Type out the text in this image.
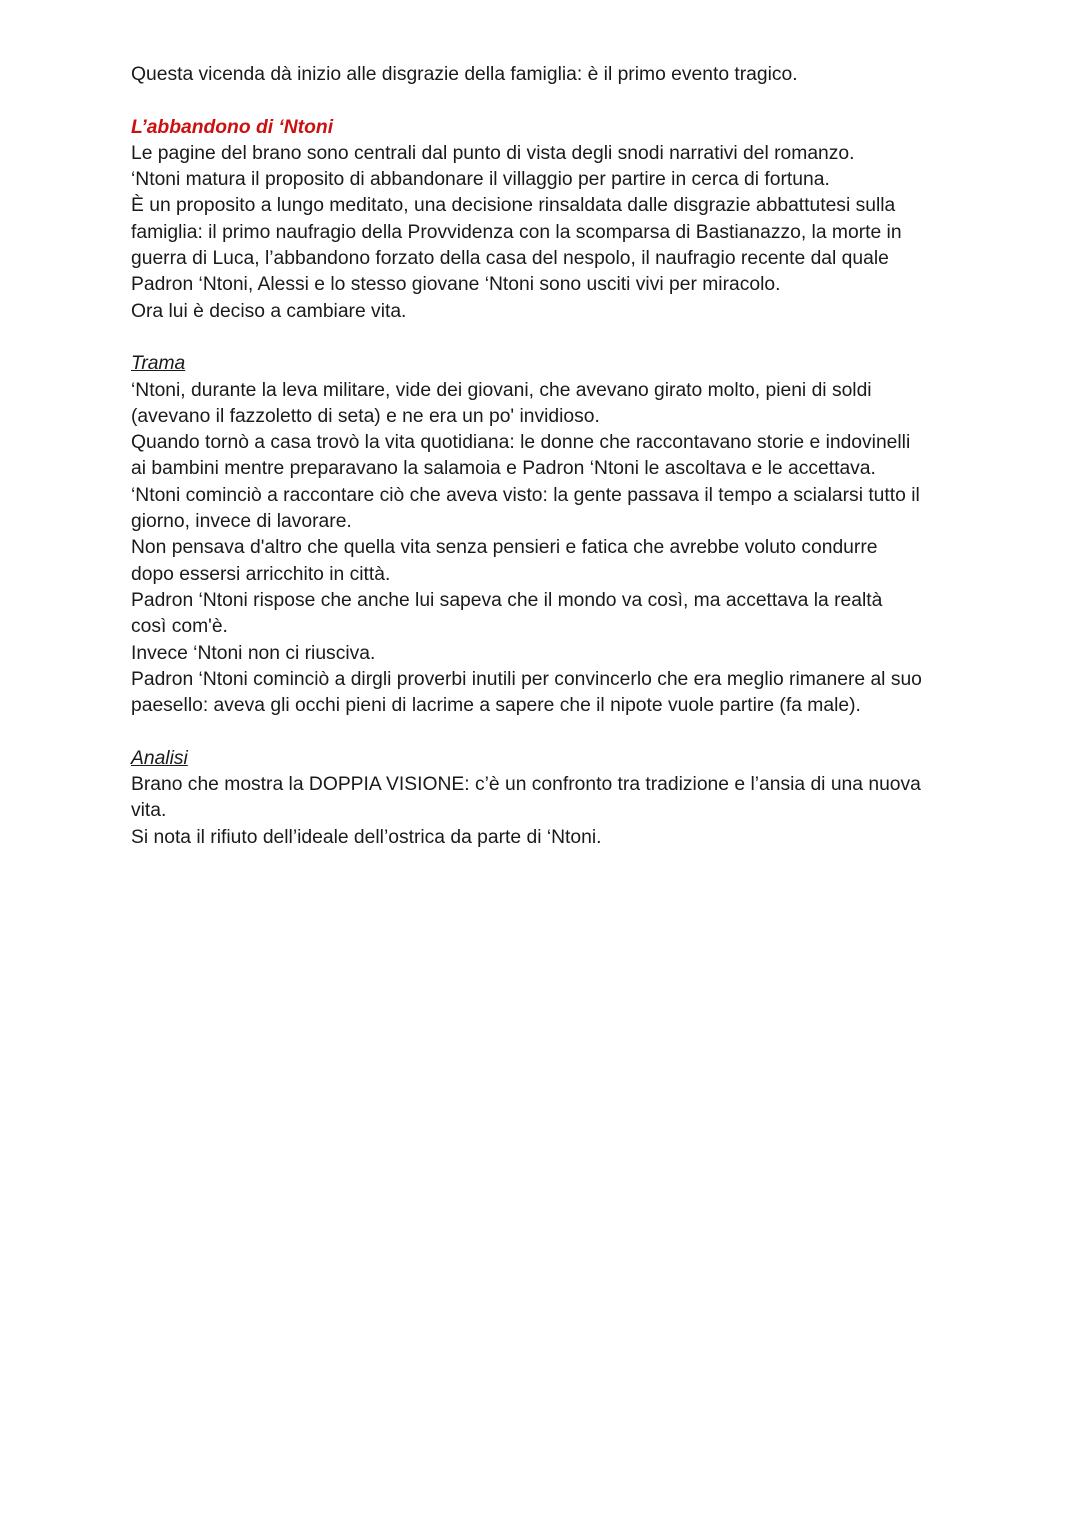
Questa vicenda dà inizio alle disgrazie della famiglia: è il primo evento tragico.
L’abbandono di ‘Ntoni
Le pagine del brano sono centrali dal punto di vista degli snodi narrativi del romanzo.
‘Ntoni matura il proposito di abbandonare il villaggio per partire in cerca di fortuna.
È un proposito a lungo meditato, una decisione rinsaldata dalle disgrazie abbattutesi sulla
famiglia: il primo naufragio della Provvidenza con la scomparsa di Bastianazzo, la morte in
guerra di Luca, l’abbandono forzato della casa del nespolo, il naufragio recente dal quale
Padron ‘Ntoni, Alessi e lo stesso giovane ‘Ntoni sono usciti vivi per miracolo.
Ora lui è deciso a cambiare vita.
Trama
‘Ntoni, durante la leva militare, vide dei giovani, che avevano girato molto, pieni di soldi
(avevano il fazzoletto di seta) e ne era un po' invidioso.
Quando tornò a casa trovò la vita quotidiana: le donne che raccontavano storie e indovinelli
ai bambini mentre preparavano la salamoia e Padron ‘Ntoni le ascoltava e le accettava.
‘Ntoni cominciò a raccontare ciò che aveva visto: la gente passava il tempo a scialarsi tutto il
giorno, invece di lavorare.
Non pensava d'altro che quella vita senza pensieri e fatica che avrebbe voluto condurre
dopo essersi arricchito in città.
Padron ‘Ntoni rispose che anche lui sapeva che il mondo va così, ma accettava la realtà
così com'è.
Invece ‘Ntoni non ci riusciva.
Padron ‘Ntoni cominciò a dirgli proverbi inutili per convincerlo che era meglio rimanere al suo
paesello: aveva gli occhi pieni di lacrime a sapere che il nipote vuole partire (fa male).
Analisi
Brano che mostra la DOPPIA VISIONE: c’è un confronto tra tradizione e l’ansia di una nuova
vita.
Si nota il rifiuto dell’ideale dell’ostrica da parte di ‘Ntoni.
